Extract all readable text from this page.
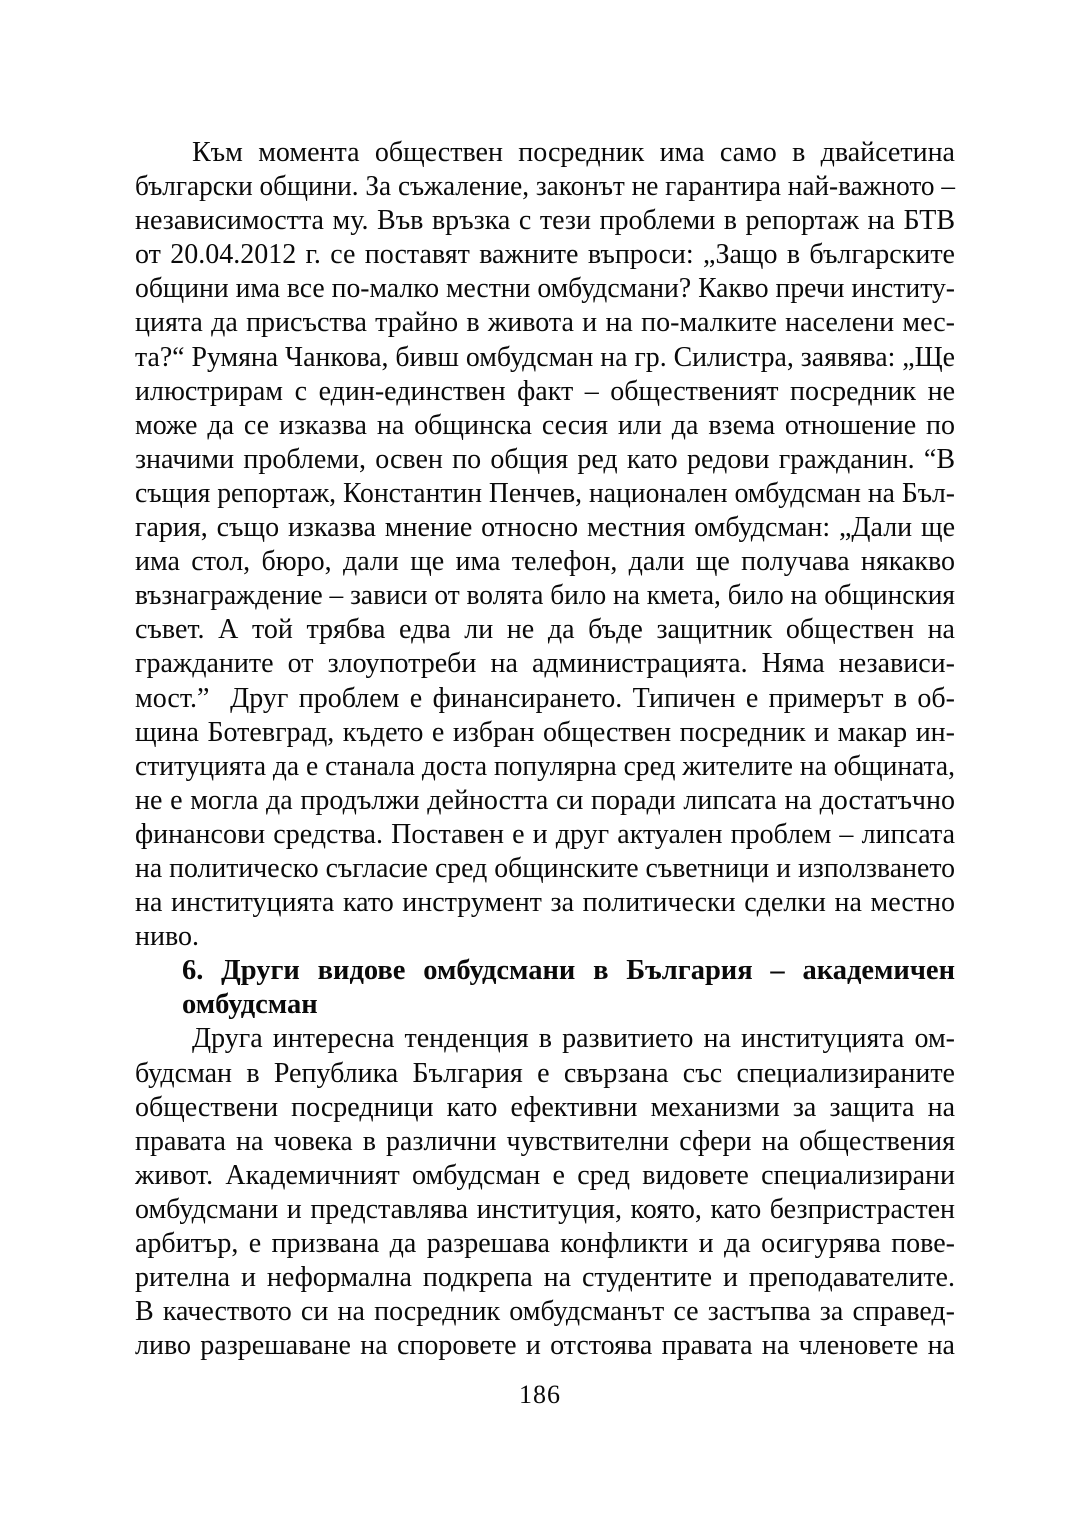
Към момента обществен посредник има само в двайсетина
български общини. За съжаление, законът не гарантира най-важното –
независимостта му. Във връзка с тези проблеми в репортаж на БТВ
от 20.04.2012 г. се поставят важните въпроси: „Защо в българските
общини има все по-малко местни омбудсмани? Какво пречи институ-
цията да присъства трайно в живота и на по-малките населени мес-
та?“ Румяна Чанкова, бивш омбудсман на гр. Силистра, заявява: „Ще
илюстрирам с един-единствен факт – общественият посредник не
може да се изказва на общинска сесия или да взема отношение по
значими проблеми, освен по общия ред като редови гражданин. “В
същия репортаж, Константин Пенчев, национален омбудсман на Бъл-
гария, също изказва мнение относно местния омбудсман: „Дали ще
има стол, бюро, дали ще има телефон, дали ще получава някакво
възнаграждение – зависи от волята било на кмета, било на общинския
съвет. А той трябва едва ли не да бъде защитник обществен на
гражданите от злоупотреби на администрацията. Няма независи-
мост.”  Друг проблем е финансирането. Типичен е примерът в об-
щина Ботевград, където е избран обществен посредник и макар ин-
ституцията да е станала доста популярна сред жителите на общината,
не е могла да продължи дейността си поради липсата на достатъчно
финансови средства. Поставен е и друг актуален проблем – липсата
на политическо съгласие сред общинските съветници и използването
на институцията като инструмент за политически сделки на местно
ниво.
6. Други видове омбудсмани в България – академичен
омбудсман
Друга интересна тенденция в развитието на институцията ом-
будсман в Република България е свързана със специализираните
обществени посредници като ефективни механизми за защита на
правата на човека в различни чувствителни сфери на обществения
живот. Академичният омбудсман е сред видовете специализирани
омбудсмани и представлява институция, която, като безпристрастен
арбитър, е призвана да разрешава конфликти и да осигурява пове-
рителна и неформална подкрепа на студентите и преподавателите.
В качеството си на посредник омбудсманът се застъпва за справед-
ливо разрешаване на споровете и отстоява правата на членовете на
186
